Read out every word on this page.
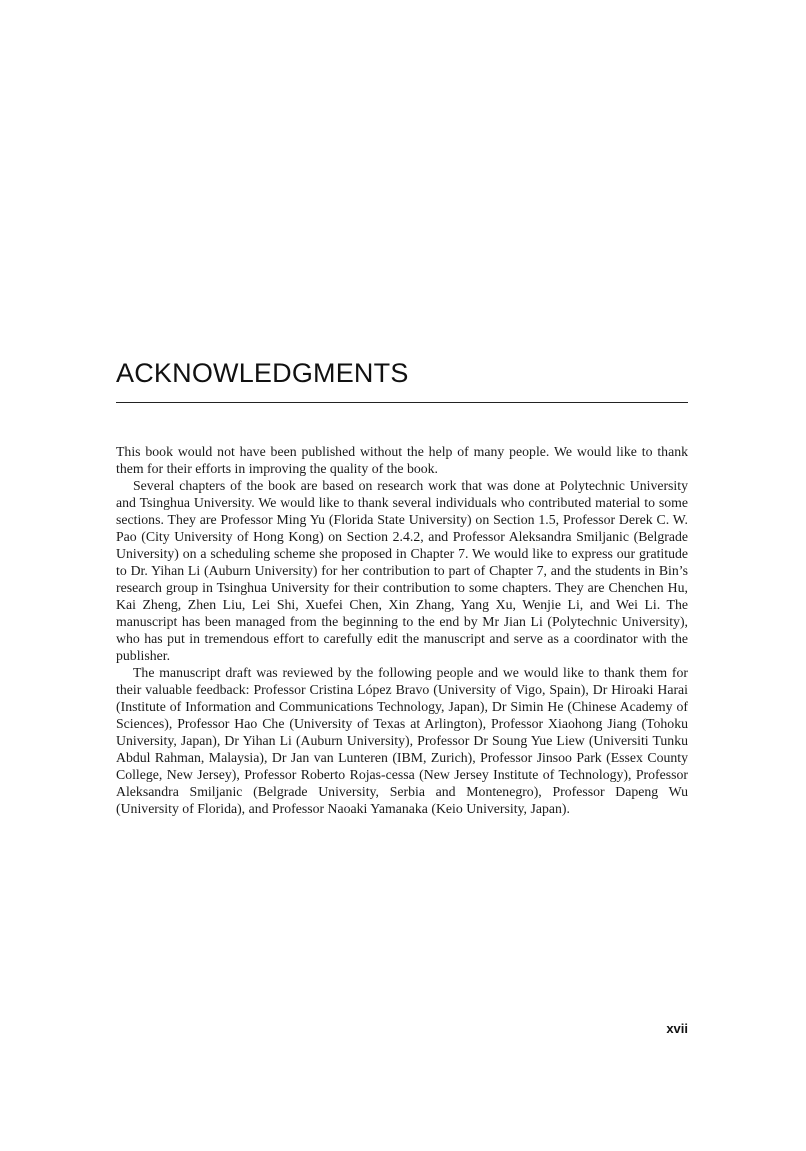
ACKNOWLEDGMENTS

This book would not have been published without the help of many people. We would like to thank them for their efforts in improving the quality of the book.

Several chapters of the book are based on research work that was done at Polytechnic University and Tsinghua University. We would like to thank several individuals who contributed material to some sections. They are Professor Ming Yu (Florida State University) on Section 1.5, Professor Derek C. W. Pao (City University of Hong Kong) on Section 2.4.2, and Professor Aleksandra Smiljanic (Belgrade University) on a scheduling scheme she proposed in Chapter 7. We would like to express our gratitude to Dr. Yihan Li (Auburn University) for her contribution to part of Chapter 7, and the students in Bin’s research group in Tsinghua University for their contribution to some chapters. They are Chenchen Hu, Kai Zheng, Zhen Liu, Lei Shi, Xuefei Chen, Xin Zhang, Yang Xu, Wenjie Li, and Wei Li. The manuscript has been managed from the beginning to the end by Mr Jian Li (Polytechnic University), who has put in tremendous effort to carefully edit the manuscript and serve as a coordinator with the publisher.

The manuscript draft was reviewed by the following people and we would like to thank them for their valuable feedback: Professor Cristina López Bravo (University of Vigo, Spain), Dr Hiroaki Harai (Institute of Information and Communications Technology, Japan), Dr Simin He (Chinese Academy of Sciences), Professor Hao Che (University of Texas at Arlington), Professor Xiaohong Jiang (Tohoku University, Japan), Dr Yihan Li (Auburn University), Professor Dr Soung Yue Liew (Universiti Tunku Abdul Rahman, Malaysia), Dr Jan van Lunteren (IBM, Zurich), Professor Jinsoo Park (Essex County College, New Jersey), Professor Roberto Rojas-cessa (New Jersey Institute of Technology), Professor Aleksandra Smiljanic (Belgrade University, Serbia and Montenegro), Professor Dapeng Wu (University of Florida), and Professor Naoaki Yamanaka (Keio University, Japan).

xvii
